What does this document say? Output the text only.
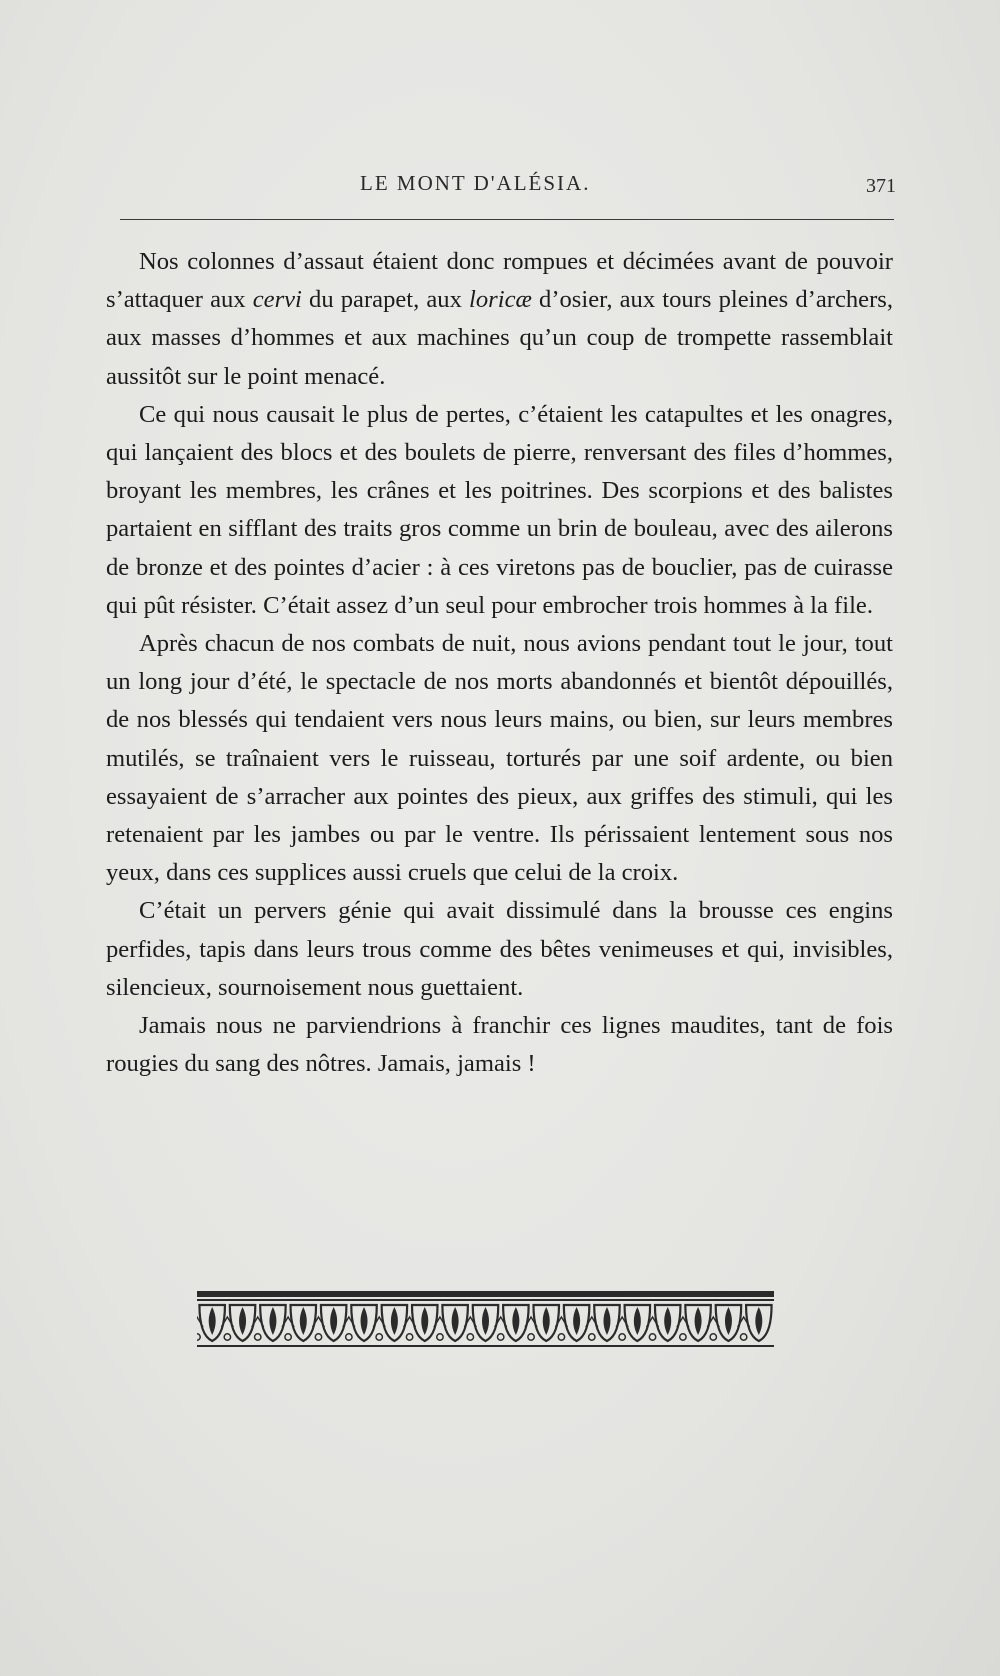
LE MONT D'ALÉSIA.	371

Nos colonnes d’assaut étaient donc rompues et décimées avant de pouvoir s’attaquer aux cervi du parapet, aux loricæ d’osier, aux tours pleines d’archers, aux masses d’hommes et aux machines qu’un coup de trompette rassemblait aussitôt sur le point menacé.

Ce qui nous causait le plus de pertes, c’étaient les catapultes et les onagres, qui lançaient des blocs et des boulets de pierre, renversant des files d’hommes, broyant les membres, les crânes et les poitrines. Des scorpions et des balistes partaient en sifflant des traits gros comme un brin de bouleau, avec des ailerons de bronze et des pointes d’acier : à ces viretons pas de bouclier, pas de cuirasse qui pût résister. C’était assez d’un seul pour embrocher trois hommes à la file.

Après chacun de nos combats de nuit, nous avions pendant tout le jour, tout un long jour d’été, le spectacle de nos morts abandonnés et bientôt dépouillés, de nos blessés qui tendaient vers nous leurs mains, ou bien, sur leurs membres mutilés, se traînaient vers le ruisseau, torturés par une soif ardente, ou bien essayaient de s’arracher aux pointes des pieux, aux griffes des stimuli, qui les retenaient par les jambes ou par le ventre. Ils périssaient lentement sous nos yeux, dans ces supplices aussi cruels que celui de la croix.

C’était un pervers génie qui avait dissimulé dans la brousse ces engins perfides, tapis dans leurs trous comme des bêtes venimeuses et qui, invisibles, silencieux, sournoisement nous guettaient.

Jamais nous ne parviendrions à franchir ces lignes maudites, tant de fois rougies du sang des nôtres. Jamais, jamais !
